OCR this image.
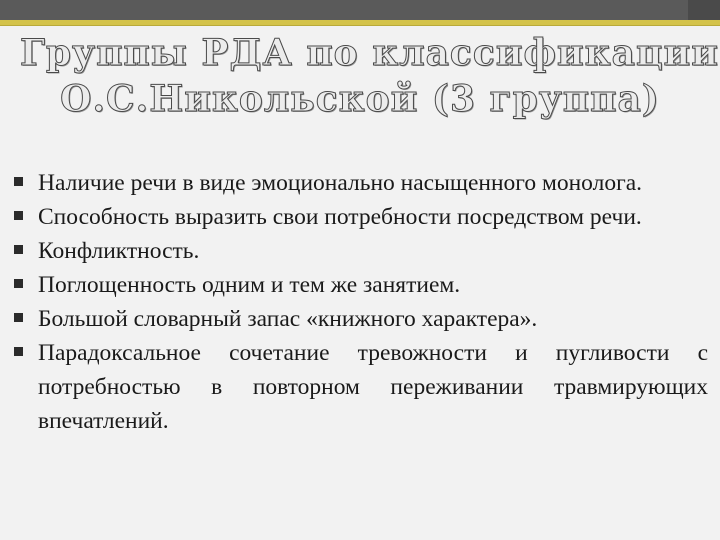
Группы РДА по классификации
О.С.Никольской (3 группа)
Наличие речи в виде эмоционально насыщенного монолога.
Способность выразить свои потребности посредством речи.
Конфликтность.
Поглощенность одним и тем же занятием.
Большой словарный запас «книжного характера».
Парадоксальное сочетание тревожности и пугливости с потребностью в повторном переживании травмирующих впечатлений.
